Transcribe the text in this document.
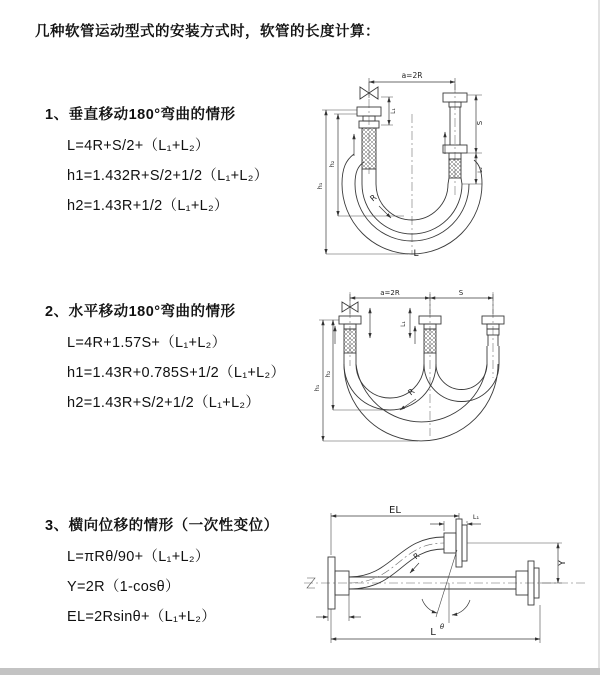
几种软管运动型式的安装方式时，软管的长度计算：
1、垂直移动180°弯曲的情形
L=4R+S/2+（L₁+L₂）
h1=1.432R+S/2+1/2（L₁+L₂）
h2=1.43R+1/2（L₁+L₂）
a=2R
h₁
h₂
L₁
S
L₂
R
L
2、水平移动180°弯曲的情形
L=4R+1.57S+（L₁+L₂）
h1=1.43R+0.785S+1/2（L₁+L₂）
h2=1.43R+S/2+1/2（L₁+L₂）
a=2R	S
h₁
h₂
L₁
R
3、横向位移的情形（一次性变位）
L=πRθ/90+（L₁+L₂）
Y=2R（1-cosθ）
EL=2Rsinθ+（L₁+L₂）
EL
L₁
Y
θ
R
L
